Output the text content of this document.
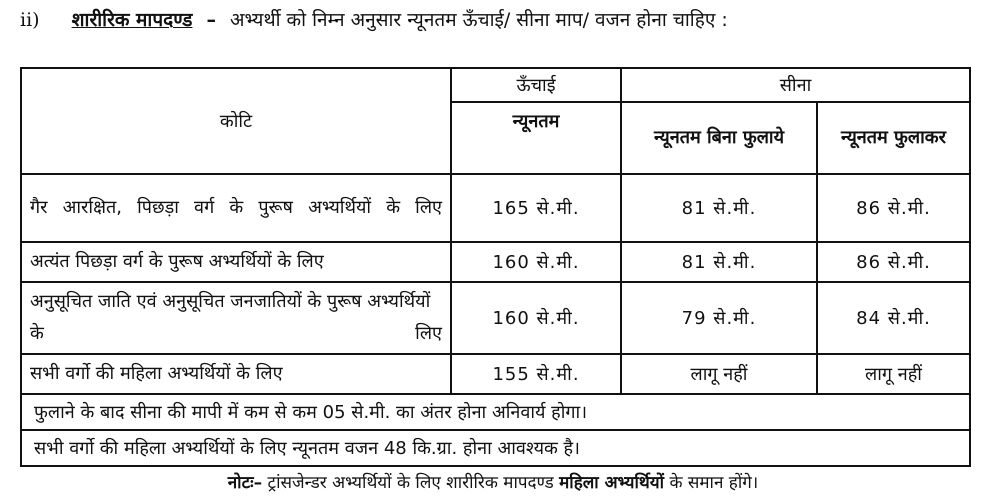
ii) शारीरिक मापदण्ड – अभ्यर्थी को निम्न अनुसार न्यूनतम ऊँचाई/ सीना माप/ वजन होना चाहिए :
कोटि	ऊँचाई	सीना	
	न्यूनतम	न्यूनतम बिना फुलाये	न्यूनतम फुलाकर
गैर आरक्षित, पिछड़ा वर्ग के पुरूष अभ्यर्थियों के लिए	165 से.मी.	81 से.मी.	86 से.मी.
अत्यंत पिछड़ा वर्ग के पुरूष अभ्यर्थियों के लिए	160 से.मी.	81 से.मी.	86 से.मी.
अनुसूचित जाति एवं अनुसूचित जनजातियों के पुरूष अभ्यर्थियों के लिए	160 से.मी.	79 से.मी.	84 से.मी.
सभी वर्गो की महिला अभ्यर्थियों के लिए	155 से.मी.	लागू नहीं	लागू नहीं
फुलाने के बाद सीना की मापी में कम से कम 05 से.मी. का अंतर होना अनिवार्य होगा।			
सभी वर्गो की महिला अभ्यर्थियों के लिए न्यूनतम वजन 48 कि.ग्रा. होना आवश्यक है।			
नोटः– ट्रांसजेन्डर अभ्यर्थियों के लिए शारीरिक मापदण्ड महिला अभ्यर्थियों के समान होंगे।
